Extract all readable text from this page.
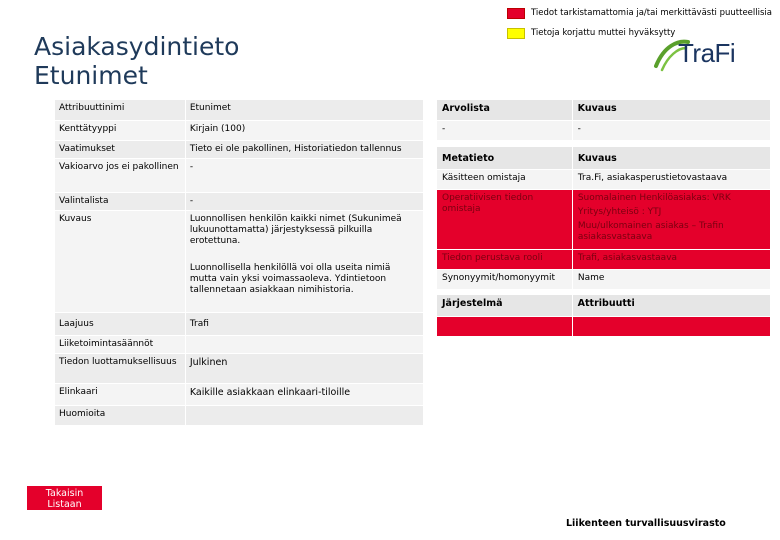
Tiedot tarkistamattomia ja/tai merkittävästi puutteellisia
Tietoja korjattu muttei hyväksytty
Asiakasydintieto
Etunimet
TraFi
Attribuuttinimi	Etunimet
Kenttätyyppi	Kirjain (100)
Vaatimukset	Tieto ei ole pakollinen, Historiatiedon tallennus
Vakioarvo jos ei pakollinen	-
Valintalista	-
Kuvaus	Luonnollisen henkilön kaikki nimet (Sukunimeä lukuunottamatta) järjestyksessä pilkuilla erotettuna.
Luonnollisella henkilöllä voi olla useita nimiä mutta vain yksi voimassaoleva. Ydintietoon tallennetaan asiakkaan nimihistoria.

Laajuus	Trafi
Liiketoimintasäännöt	
Tiedon luottamuksellisuus	Julkinen
Elinkaari	Kaikille asiakkaan elinkaari-tiloille
Huomioita	
Arvolista	Kuvaus
-	-
Metatieto	Kuvaus
Käsitteen omistaja	Tra.Fi, asiakasperustietovastaava
Operatiivisen tiedon omistaja	Suomalainen Henkilöasiakas: VRK
Yritys/yhteisö : YTJ
Muu/ulkomainen asiakas – Trafin asiakasvastaava

Tiedon perustava rooli	Trafi, asiakasvastaava
Synonyymit/homonyymit	Name
Järjestelmä	Attribuutti

Takaisin
Listaan
Liikenteen turvallisuusvirasto
